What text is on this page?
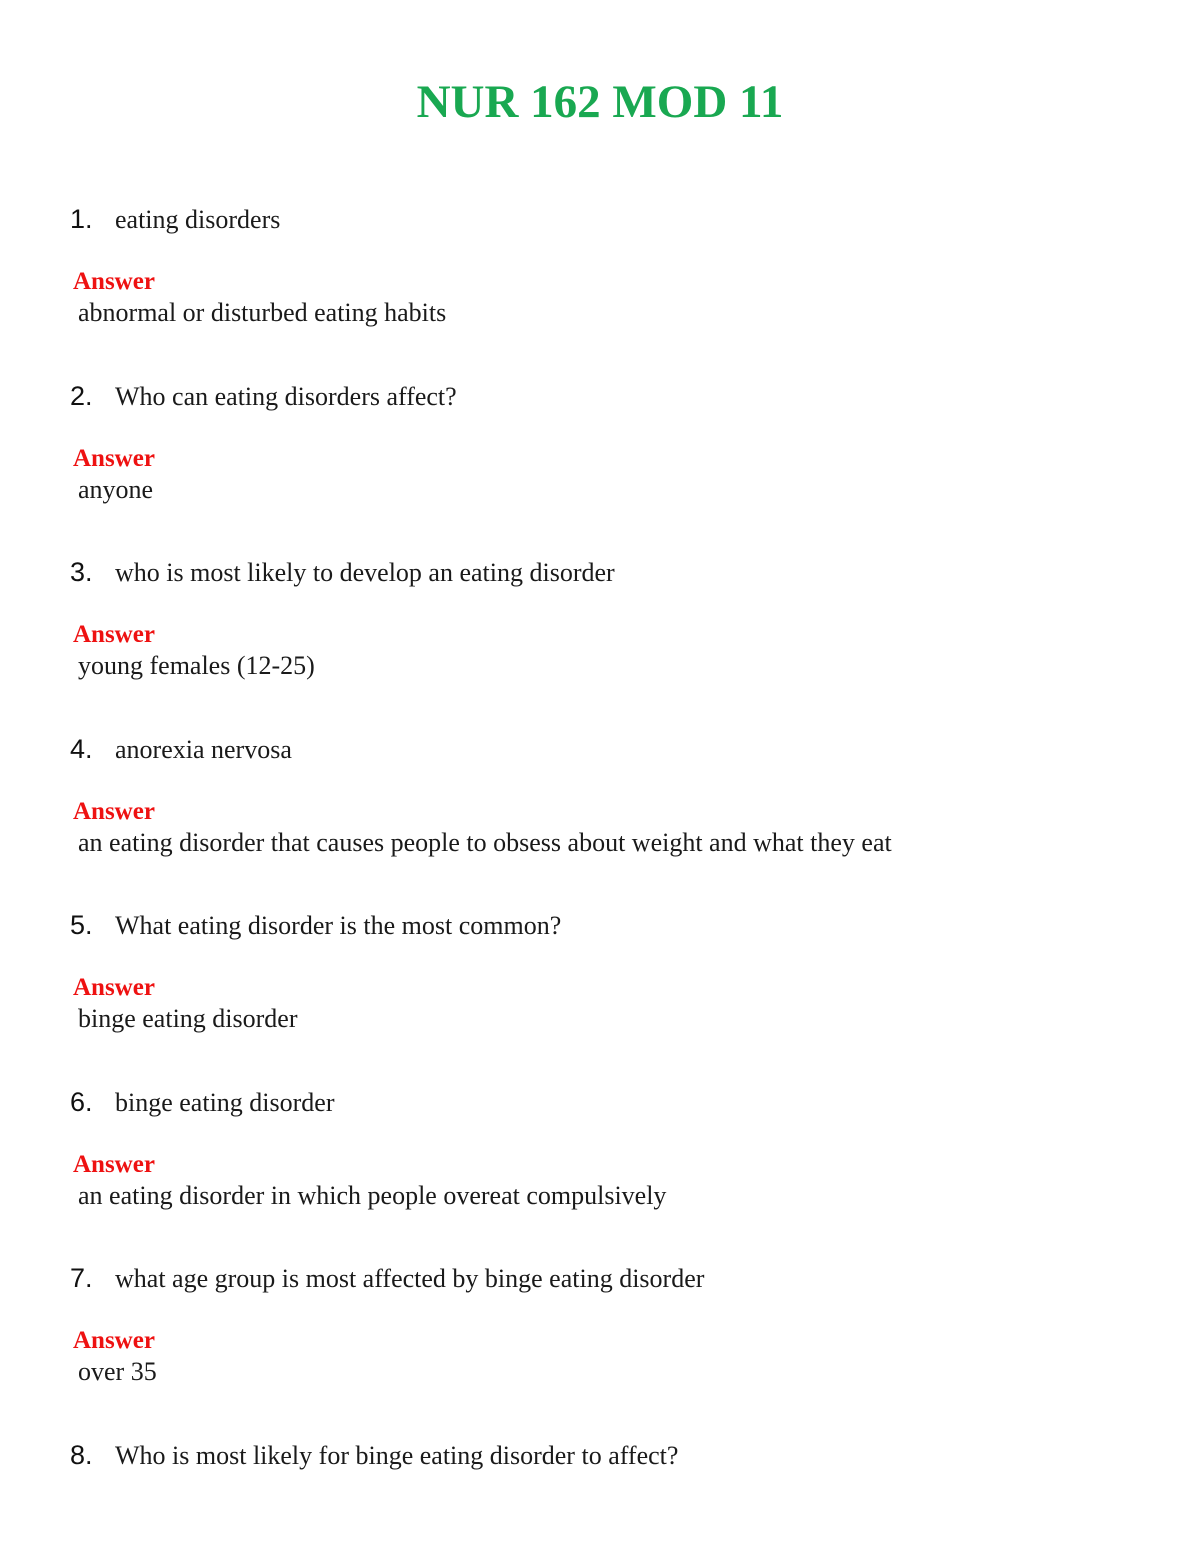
NUR 162 MOD 11
1. eating disorders
Answer
abnormal or disturbed eating habits
2. Who can eating disorders affect?
Answer
anyone
3. who is most likely to develop an eating disorder
Answer
young females (12-25)
4. anorexia nervosa
Answer
an eating disorder that causes people to obsess about weight and what they eat
5. What eating disorder is the most common?
Answer
binge eating disorder
6. binge eating disorder
Answer
an eating disorder in which people overeat compulsively
7. what age group is most affected by binge eating disorder
Answer
over 35
8. Who is most likely for binge eating disorder to affect?
